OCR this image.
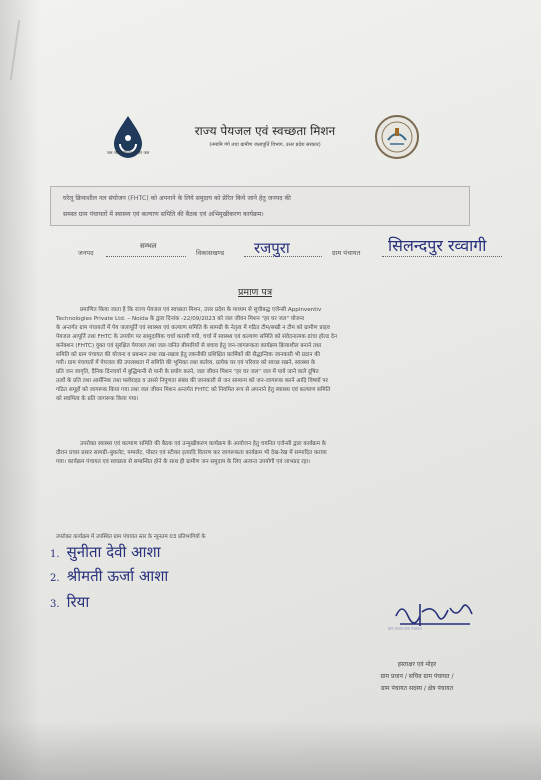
जल जीवन मिशन हर घर जल
राज्य पेयजल एवं स्वच्छता मिशन
(नमामि गंगे तथा ग्रामीण जलापूर्ति विभाग, उत्तर प्रदेश सरकार)
घरेलू क्रियाशील नल संयोजन (FHTC) को अपनाने के लिये समुदाय को प्रेरित किये जाने हेतु जनपद की
समस्त ग्राम पंचायतों में स्वास्थ्य एवं कल्याण समिति की बैठक एवं अभिमुखीकरण कार्यक्रम।
जनपद
सम्भल
विकासखण्ड रजपुरा	ग्राम पंचायत सिलन्दपुर रव्वागी
प्रमाण पत्र
प्रमाणित किया जाता है कि राज्य पेयजल एवं स्वच्छता मिशन, उत्तर प्रदेश के माध्यम से सूचीबद्ध एजेन्सी Appinventiv
Technologies Private Ltd. – Noida के द्वारा दिनांक -22/09/2023 को जल जीवन मिशन "हर घर जल" योजना
के अन्तर्गत ग्राम पंचायतों में पेय जलापूर्ति एवं स्वास्थ्य एवं कल्याण समिति के सामग्री के नेतृत्व में गठित टीम/सखी न टीम को ग्रामीण प्राइव
पेयजल आपूर्ति तथा FHTC के उपयोग पर सामुदायिक चर्चा करायी गयी, चर्चा में स्वास्थ्य एवं कल्याण समिति को संवेदनात्मक ढांचा होल्ड देन
कनेक्शन (FHTC) युक्त एवं सुरक्षित पेयजल तथा जल-जनित बीमारियों से बचाव हेतु जन-जागरूकता कार्यक्रम क्रियाशील बनाने तथा
समिति को ग्राम पंचायत की योजना व प्रबन्धन तथा रख-रखाव हेतु तकनीकी प्रशिक्षित कार्मिकों की सैद्धान्तिक जानकारी भी प्रदान की
गयी। ग्राम पंचायतों में पेयजल की उपलब्धता में समिति की भूमिका तथा कर्तव्य, प्रत्येक घर एवं परिवार को स्वच्छ रखने, स्वास्थ्य के
प्रति जन जागृति, दैनिक दिनचर्या में बुद्धिमानी से पानी के प्रयोग करने, जल जीवन मिशन "हर घर जल" जल में पाये जाने वाले दूषित
तत्वों के प्रति तथा आर्सेनिक तथा फ्लोराइड व उससे निपुणता संबंध की जानकारी से जन सामान्य को जन-जागरूक करने आदि विषयों पर
गठित समूहों को जागरूक किया गया तथा जल जीवन मिशन अन्तर्गत FHTC को नियमित रूप से अपनाने हेतु स्वास्थ्य एवं कल्याण समिति
को स्वामित्व के प्रति जागरूक किया गया।
उपरोक्त स्वास्थ्य एवं कल्याण समिति की बैठक एवं उन्मुखीकरण कार्यक्रम के आयोजन हेतु चयनित एजेन्सी द्वारा कार्यक्रम के
दौरान प्रचार प्रसार सामग्री–बुकलेट, पम्पलेट, पोस्टर एवं स्टीकर इत्यादि वितरण कर जागरूकता कार्यक्रम भी देख-रेख में सम्पादित कराया
गया। कार्यक्रम पंचायत एवं स्वच्छता से सम्बन्धित होने के साथ ही ग्रामीण जन समुदाय के लिए अत्यन्त उपयोगी एवं लाभप्रद रहा।
उपरोक्त कार्यक्रम में उपस्थित ग्राम पंचायत स्तर के न्यूनतम 03 प्रतिभागियों के
1. सुनीता देवी आशा
2. श्रीमती ऊर्जा आशा
3. रिया
ग्राम प्रधान ग्राम पंचायत
हस्ताक्षर एवं मोहर
ग्राम प्रधान / सचिव ग्राम पंचायत /
ग्राम पंचायत सदस्य / क्षेत्र पंचायत
